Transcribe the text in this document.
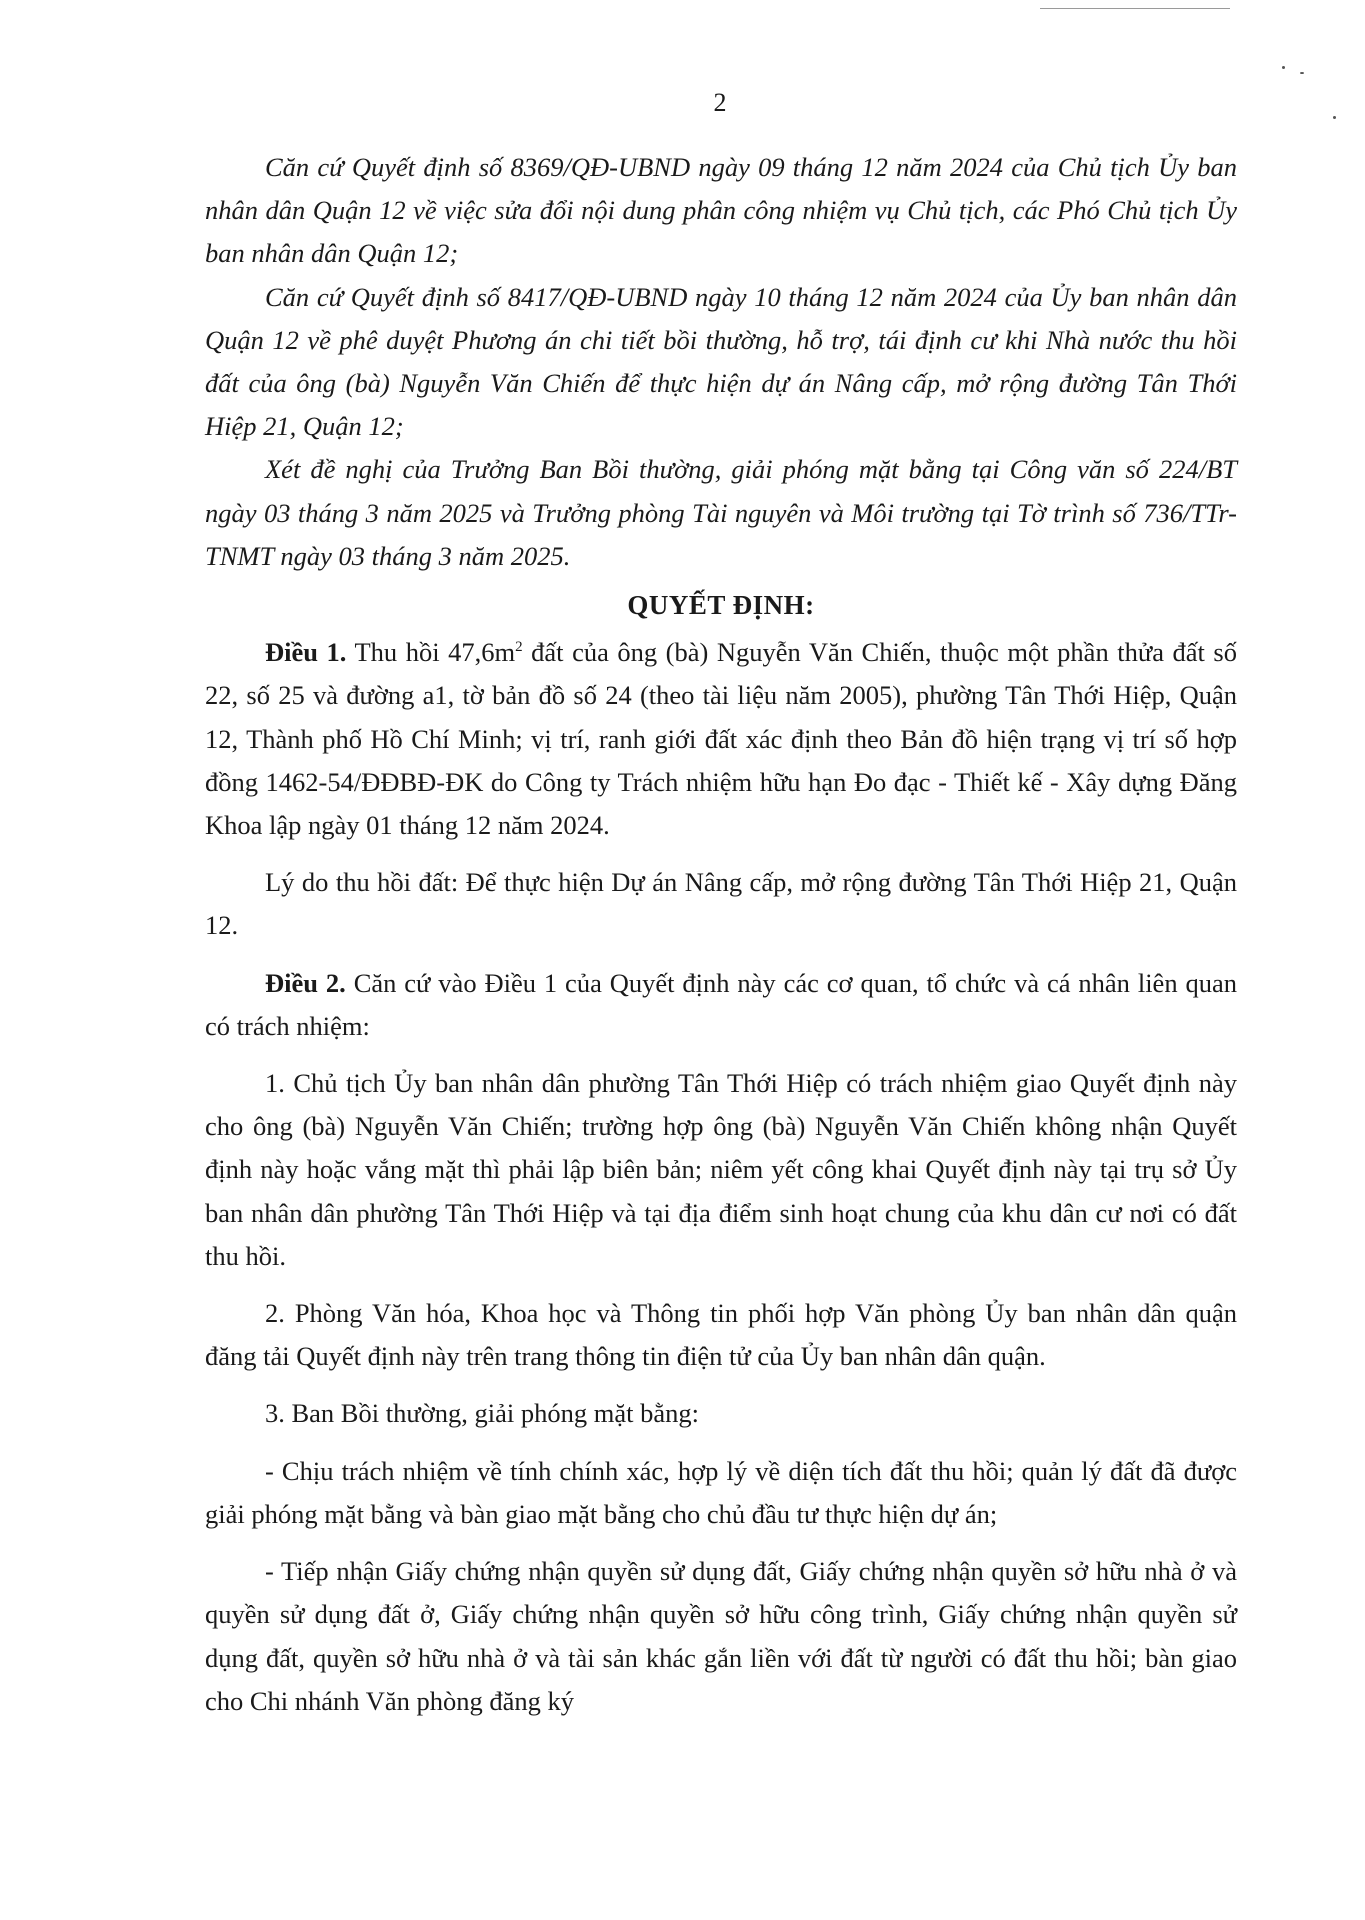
2

Căn cứ Quyết định số 8369/QĐ-UBND ngày 09 tháng 12 năm 2024 của Chủ tịch Ủy ban nhân dân Quận 12 về việc sửa đổi nội dung phân công nhiệm vụ Chủ tịch, các Phó Chủ tịch Ủy ban nhân dân Quận 12;

Căn cứ Quyết định số 8417/QĐ-UBND ngày 10 tháng 12 năm 2024 của Ủy ban nhân dân Quận 12 về phê duyệt Phương án chi tiết bồi thường, hỗ trợ, tái định cư khi Nhà nước thu hồi đất của ông (bà) Nguyễn Văn Chiến để thực hiện dự án Nâng cấp, mở rộng đường Tân Thới Hiệp 21, Quận 12;

Xét đề nghị của Trưởng Ban Bồi thường, giải phóng mặt bằng tại Công văn số 224/BT ngày 03 tháng 3 năm 2025 và Trưởng phòng Tài nguyên và Môi trường tại Tờ trình số 736/TTr-TNMT ngày 03 tháng 3 năm 2025.

QUYẾT ĐỊNH:

Điều 1. Thu hồi $47,6m^2$ đất của ông (bà) Nguyễn Văn Chiến, thuộc một phần thửa đất số 22, số 25 và đường a1, tờ bản đồ số 24 (theo tài liệu năm 2005), phường Tân Thới Hiệp, Quận 12, Thành phố Hồ Chí Minh; vị trí, ranh giới đất xác định theo Bản đồ hiện trạng vị trí số hợp đồng 1462-54/ĐĐBĐ-ĐK do Công ty Trách nhiệm hữu hạn Đo đạc - Thiết kế - Xây dựng Đăng Khoa lập ngày 01 tháng 12 năm 2024.

Lý do thu hồi đất: Để thực hiện Dự án Nâng cấp, mở rộng đường Tân Thới Hiệp 21, Quận 12.

Điều 2. Căn cứ vào Điều 1 của Quyết định này các cơ quan, tổ chức và cá nhân liên quan có trách nhiệm:

1. Chủ tịch Ủy ban nhân dân phường Tân Thới Hiệp có trách nhiệm giao Quyết định này cho ông (bà) Nguyễn Văn Chiến; trường hợp ông (bà) Nguyễn Văn Chiến không nhận Quyết định này hoặc vắng mặt thì phải lập biên bản; niêm yết công khai Quyết định này tại trụ sở Ủy ban nhân dân phường Tân Thới Hiệp và tại địa điểm sinh hoạt chung của khu dân cư nơi có đất thu hồi.

2. Phòng Văn hóa, Khoa học và Thông tin phối hợp Văn phòng Ủy ban nhân dân quận đăng tải Quyết định này trên trang thông tin điện tử của Ủy ban nhân dân quận.

3. Ban Bồi thường, giải phóng mặt bằng:

- Chịu trách nhiệm về tính chính xác, hợp lý về diện tích đất thu hồi; quản lý đất đã được giải phóng mặt bằng và bàn giao mặt bằng cho chủ đầu tư thực hiện dự án;

- Tiếp nhận Giấy chứng nhận quyền sử dụng đất, Giấy chứng nhận quyền sở hữu nhà ở và quyền sử dụng đất ở, Giấy chứng nhận quyền sở hữu công trình, Giấy chứng nhận quyền sử dụng đất, quyền sở hữu nhà ở và tài sản khác gắn liền với đất từ người có đất thu hồi; bàn giao cho Chi nhánh Văn phòng đăng ký
